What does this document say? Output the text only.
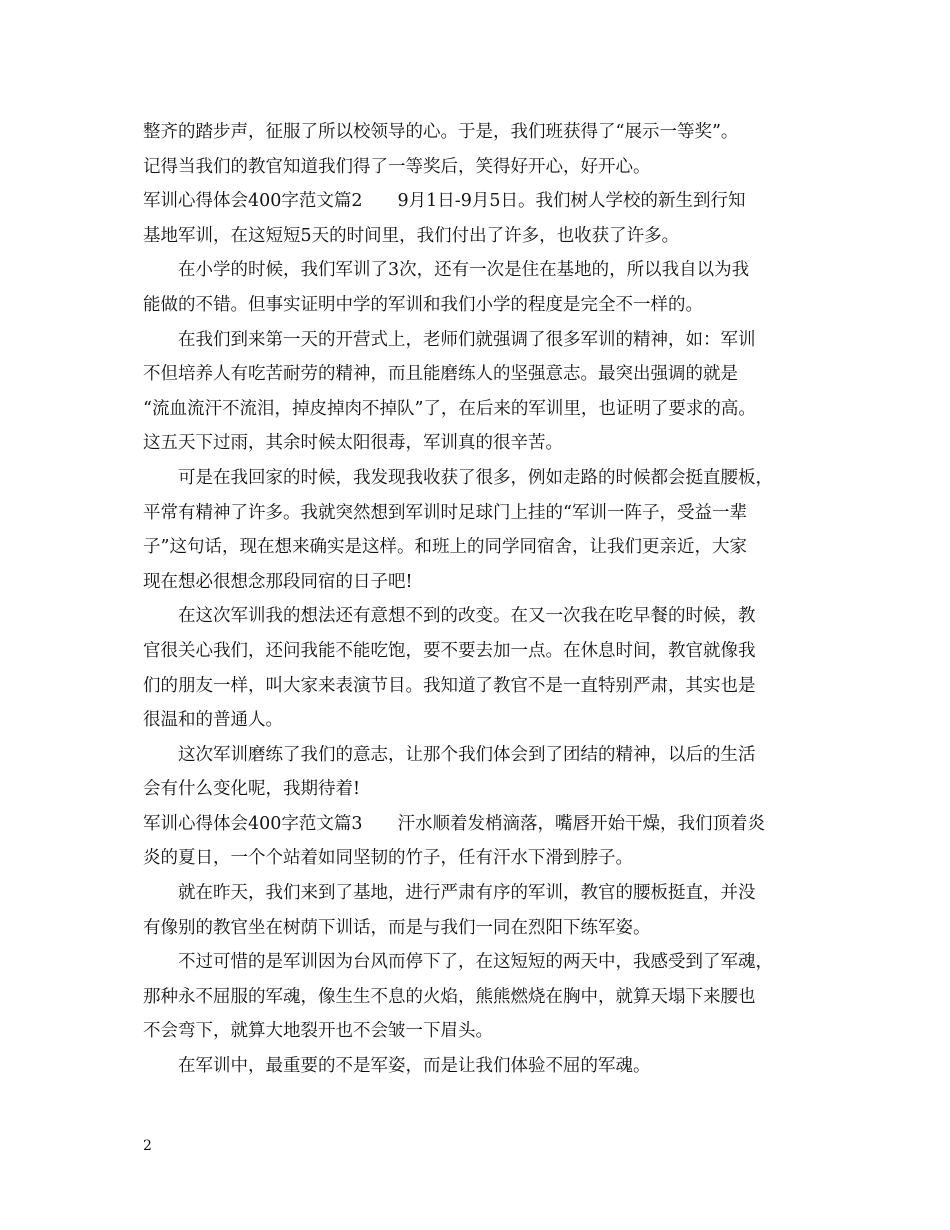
整齐的踏步声，征服了所以校领导的心。于是，我们班获得了“展示一等奖”。
记得当我们的教官知道我们得了一等奖后，笑得好开心，好开心。
军训心得体会400字范文篇2　　9月1日-9月5日。我们树人学校的新生到行知
基地军训，在这短短5天的时间里，我们付出了许多，也收获了许多。
在小学的时候，我们军训了3次，还有一次是住在基地的，所以我自以为我
能做的不错。但事实证明中学的军训和我们小学的程度是完全不一样的。
在我们到来第一天的开营式上，老师们就强调了很多军训的精神，如：军训
不但培养人有吃苦耐劳的精神，而且能磨练人的坚强意志。最突出强调的就是
“流血流汗不流泪，掉皮掉肉不掉队”了，在后来的军训里，也证明了要求的高。
这五天下过雨，其余时候太阳很毒，军训真的很辛苦。
可是在我回家的时候，我发现我收获了很多，例如走路的时候都会挺直腰板，
平常有精神了许多。我就突然想到军训时足球门上挂的“军训一阵子，受益一辈
子”这句话，现在想来确实是这样。和班上的同学同宿舍，让我们更亲近，大家
现在想必很想念那段同宿的日子吧!
在这次军训我的想法还有意想不到的改变。在又一次我在吃早餐的时候，教
官很关心我们，还问我能不能吃饱，要不要去加一点。在休息时间，教官就像我
们的朋友一样，叫大家来表演节目。我知道了教官不是一直特别严肃，其实也是
很温和的普通人。
这次军训磨练了我们的意志，让那个我们体会到了团结的精神，以后的生活
会有什么变化呢，我期待着!
军训心得体会400字范文篇3　　汗水顺着发梢滴落，嘴唇开始干燥，我们顶着炎
炎的夏日，一个个站着如同坚韧的竹子，任有汗水下滑到脖子。
就在昨天，我们来到了基地，进行严肃有序的军训，教官的腰板挺直，并没
有像别的教官坐在树荫下训话，而是与我们一同在烈阳下练军姿。
不过可惜的是军训因为台风而停下了，在这短短的两天中，我感受到了军魂，
那种永不屈服的军魂，像生生不息的火焰，熊熊燃烧在胸中，就算天塌下来腰也
不会弯下，就算大地裂开也不会皱一下眉头。
在军训中，最重要的不是军姿，而是让我们体验不屈的军魂。
2
